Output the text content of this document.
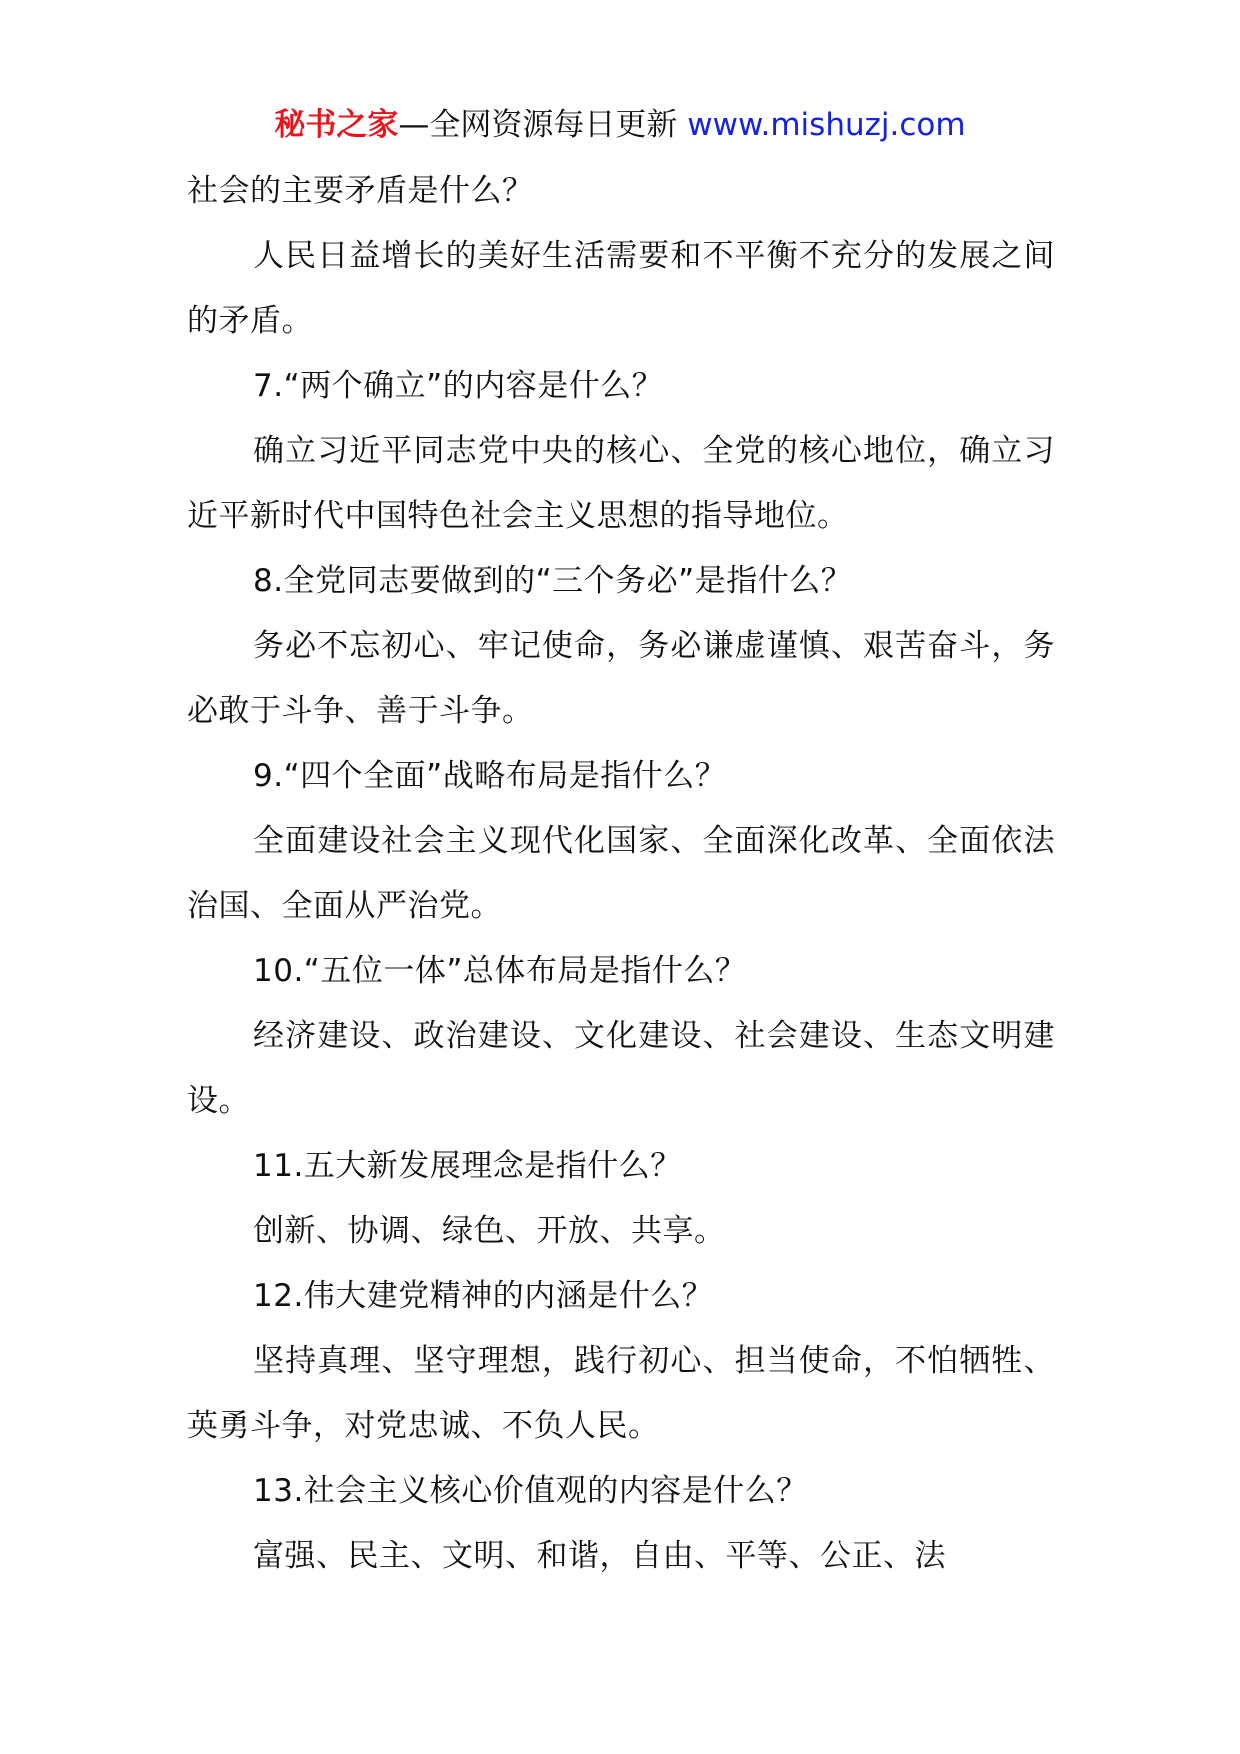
秘书之家—全网资源每日更新 www.mishuzj.com

社会的主要矛盾是什么？

人民日益增长的美好生活需要和不平衡不充分的发展之间的矛盾。

7.“两个确立”的内容是什么？

确立习近平同志党中央的核心、全党的核心地位，确立习近平新时代中国特色社会主义思想的指导地位。

8.全党同志要做到的“三个务必”是指什么？

务必不忘初心、牢记使命，务必谦虚谨慎、艰苦奋斗，务必敢于斗争、善于斗争。

9.“四个全面”战略布局是指什么？

全面建设社会主义现代化国家、全面深化改革、全面依法治国、全面从严治党。

10.“五位一体”总体布局是指什么？

经济建设、政治建设、文化建设、社会建设、生态文明建设。

11.五大新发展理念是指什么？

创新、协调、绿色、开放、共享。

12.伟大建党精神的内涵是什么？

坚持真理、坚守理想，践行初心、担当使命，不怕牺牲、英勇斗争，对党忠诚、不负人民。

13.社会主义核心价值观的内容是什么？

富强、民主、文明、和谐，自由、平等、公正、法
